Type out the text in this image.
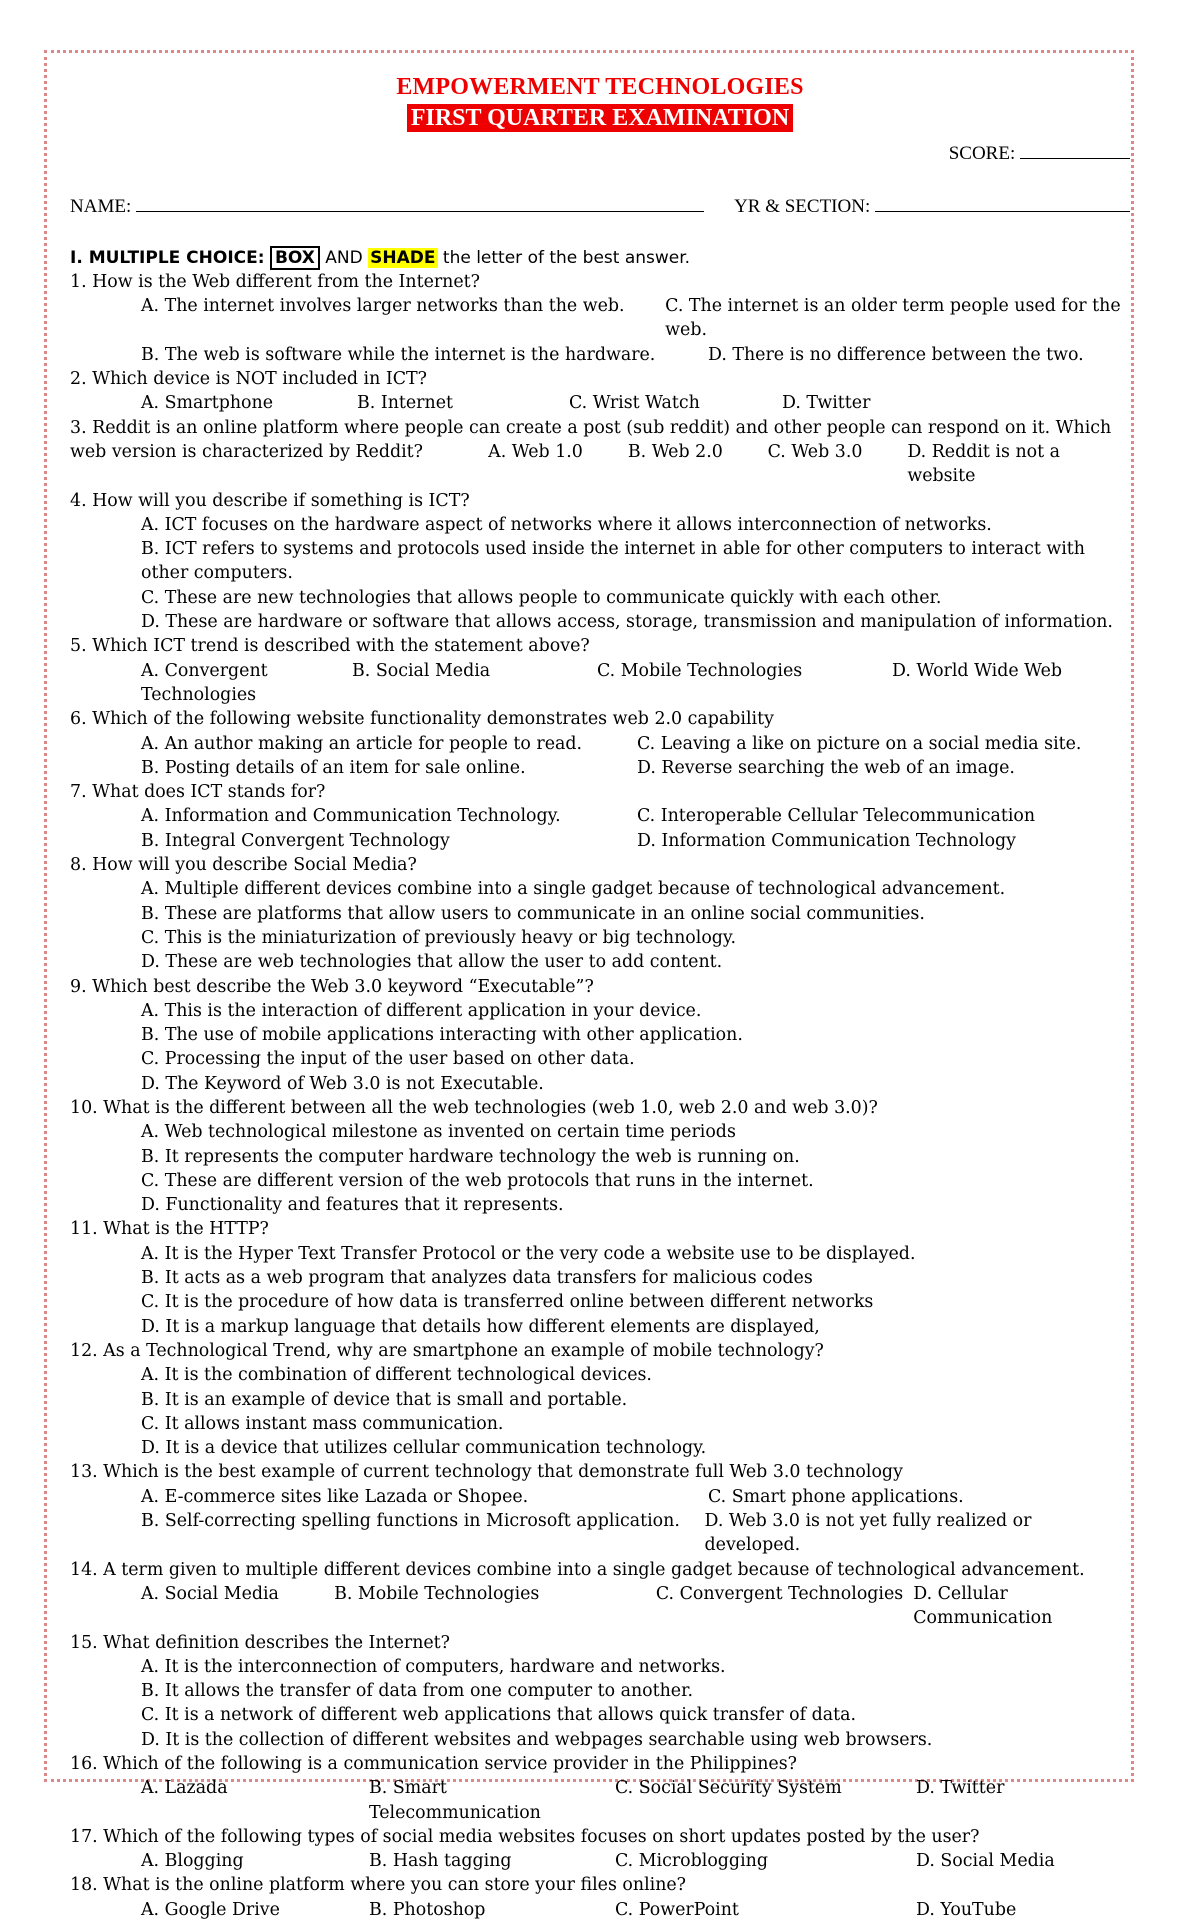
EMPOWERMENT TECHNOLOGIES
FIRST QUARTER EXAMINATION
SCORE:
NAME:	YR & SECTION:
I. MULTIPLE CHOICE: BOX AND SHADE the letter of the best answer.
1. How is the Web different from the Internet?
A. The internet involves larger networks than the web.	C. The internet is an older term people used for the web.
B. The web is software while the internet is the hardware.	D. There is no difference between the two.
2. Which device is NOT included in ICT?
A. Smartphone	B. Internet	C. Wrist Watch	D. Twitter
3. Reddit is an online platform where people can create a post (sub reddit) and other people can respond on it. Which
web version is characterized by Reddit?	A. Web 1.0	B. Web 2.0	C. Web 3.0	D. Reddit is not a website
4. How will you describe if something is ICT?
A. ICT focuses on the hardware aspect of networks where it allows interconnection of networks.
B. ICT refers to systems and protocols used inside the internet in able for other computers to interact with other computers.
C. These are new technologies that allows people to communicate quickly with each other.
D. These are hardware or software that allows access, storage, transmission and manipulation of information.
5. Which ICT trend is described with the statement above?
A. Convergent Technologies
B. Social Media	C. Mobile Technologies	D. World Wide Web
6. Which of the following website functionality demonstrates web 2.0 capability
A. An author making an article for people to read.	C. Leaving a like on picture on a social media site.
B. Posting details of an item for sale online.	D. Reverse searching the web of an image.
7. What does ICT stands for?
A. Information and Communication Technology.	C. Interoperable Cellular Telecommunication
B. Integral Convergent Technology	D. Information Communication Technology
8. How will you describe Social Media?
A. Multiple different devices combine into a single gadget because of technological advancement.
B. These are platforms that allow users to communicate in an online social communities.
C. This is the miniaturization of previously heavy or big technology.
D. These are web technologies that allow the user to add content.
9. Which best describe the Web 3.0 keyword “Executable”?
A. This is the interaction of different application in your device.
B. The use of mobile applications interacting with other application.
C. Processing the input of the user based on other data.
D. The Keyword of Web 3.0 is not Executable.
10. What is the different between all the web technologies (web 1.0, web 2.0 and web 3.0)?
A. Web technological milestone as invented on certain time periods
B. It represents the computer hardware technology the web is running on.
C. These are different version of the web protocols that runs in the internet.
D. Functionality and features that it represents.
11. What is the HTTP?
A. It is the Hyper Text Transfer Protocol or the very code a website use to be displayed.
B. It acts as a web program that analyzes data transfers for malicious codes
C. It is the procedure of how data is transferred online between different networks
D. It is a markup language that details how different elements are displayed,
12. As a Technological Trend, why are smartphone an example of mobile technology?
A. It is the combination of different technological devices.
B. It is an example of device that is small and portable.
C. It allows instant mass communication.
D. It is a device that utilizes cellular communication technology.
13. Which is the best example of current technology that demonstrate full Web 3.0 technology
A. E-commerce sites like Lazada or Shopee.	C. Smart phone applications.
B. Self-correcting spelling functions in Microsoft application.	D. Web 3.0 is not yet fully realized or developed.
14. A term given to multiple different devices combine into a single gadget because of technological advancement.
A. Social Media	B. Mobile Technologies	C. Convergent Technologies D. Cellular Communication
15. What definition describes the Internet?
A. It is the interconnection of computers, hardware and networks.
B. It allows the transfer of data from one computer to another.
C. It is a network of different web applications that allows quick transfer of data.
D. It is the collection of different websites and webpages searchable using web browsers.
16. Which of the following is a communication service provider in the Philippines?
A. Lazada	B. Smart Telecommunication
C. Social Security System	D. Twitter
17. Which of the following types of social media websites focuses on short updates posted by the user?
A. Blogging	B. Hash tagging	C. Microblogging	D. Social Media
18. What is the online platform where you can store your files online?
A. Google Drive	B. Photoshop	C. PowerPoint	D. YouTube
